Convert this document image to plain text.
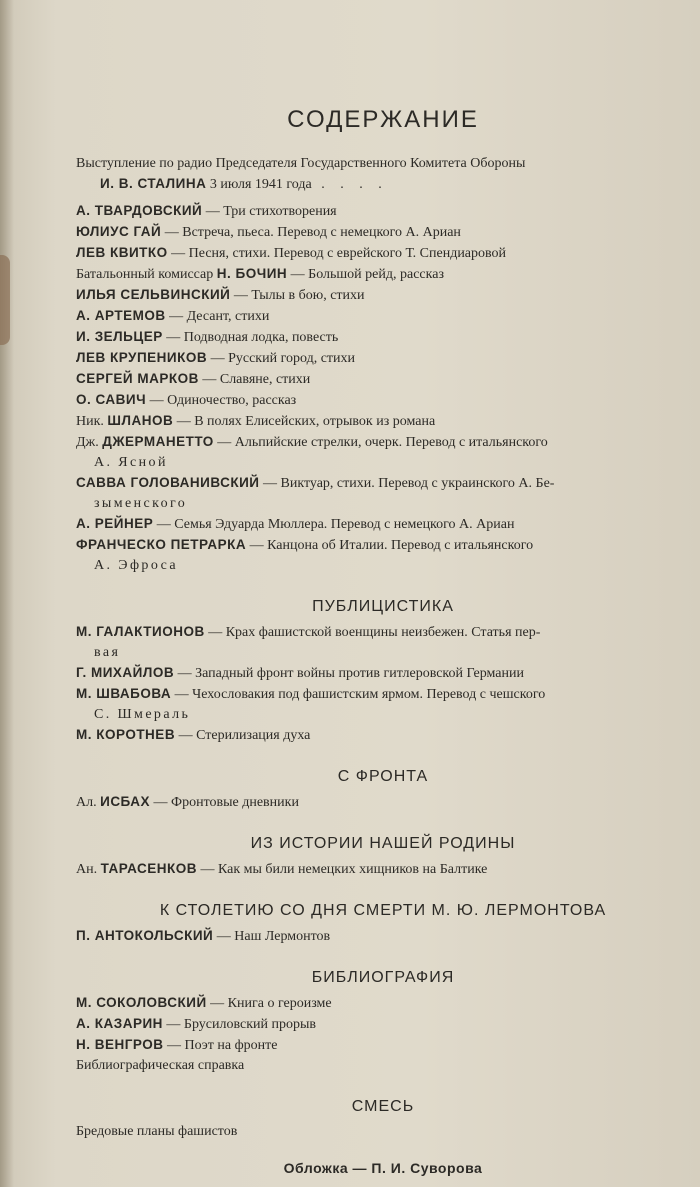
СОДЕРЖАНИЕ
Выступление по радио Председателя Государственного Комитета Обороны
И. В. СТАЛИНА 3 июля 1941 года . . . .
А. ТВАРДОВСКИЙ — Три стихотворения
ЮЛИУС ГАЙ — Встреча, пьеса. Перевод с немецкого А. Ариан
ЛЕВ КВИТКО — Песня, стихи. Перевод с еврейского Т. Спендиаровой
Батальонный комиссар Н. БОЧИН — Большой рейд, рассказ
ИЛЬЯ СЕЛЬВИНСКИЙ — Тылы в бою, стихи
А. АРТЕМОВ — Десант, стихи
И. ЗЕЛЬЦЕР — Подводная лодка, повесть
ЛЕВ КРУПЕНИКОВ — Русский город, стихи
СЕРГЕЙ МАРКОВ — Славяне, стихи
О. САВИЧ — Одиночество, рассказ
Ник. ШЛАНОВ — В полях Елисейских, отрывок из романа
Дж. ДЖЕРМАНЕТТО — Альпийские стрелки, очерк. Перевод с итальянского
А. Ясной
САВВА ГОЛОВАНИВСКИЙ — Виктуар, стихи. Перевод с украинского А. Бе-
зыменского
А. РЕЙНЕР — Семья Эдуарда Мюллера. Перевод с немецкого А. Ариан
ФРАНЧЕСКО ПЕТРАРКА — Канцона об Италии. Перевод с итальянского
А. Эфроса
ПУБЛИЦИСТИКА
М. ГАЛАКТИОНОВ — Крах фашистской военщины неизбежен. Статья пер-
вая
Г. МИХАЙЛОВ — Западный фронт войны против гитлеровской Германии
М. ШВАБОВА — Чехословакия под фашистским ярмом. Перевод с чешского
С. Шмераль
М. КОРОТНЕВ — Стерилизация духа
С ФРОНТА
Ал. ИСБАХ — Фронтовые дневники
ИЗ ИСТОРИИ НАШЕЙ РОДИНЫ
Ан. ТАРАСЕНКОВ — Как мы били немецких хищников на Балтике
К СТОЛЕТИЮ СО ДНЯ СМЕРТИ М. Ю. ЛЕРМОНТОВА
П. АНТОКОЛЬСКИЙ — Наш Лермонтов
БИБЛИОГРАФИЯ
М. СОКОЛОВСКИЙ — Книга о героизме
А. КАЗАРИН — Брусиловский прорыв
Н. ВЕНГРОВ — Поэт на фронте
Библиографическая справка
СМЕСЬ
Бредовые планы фашистов
Обложка — П. И. Суворова
